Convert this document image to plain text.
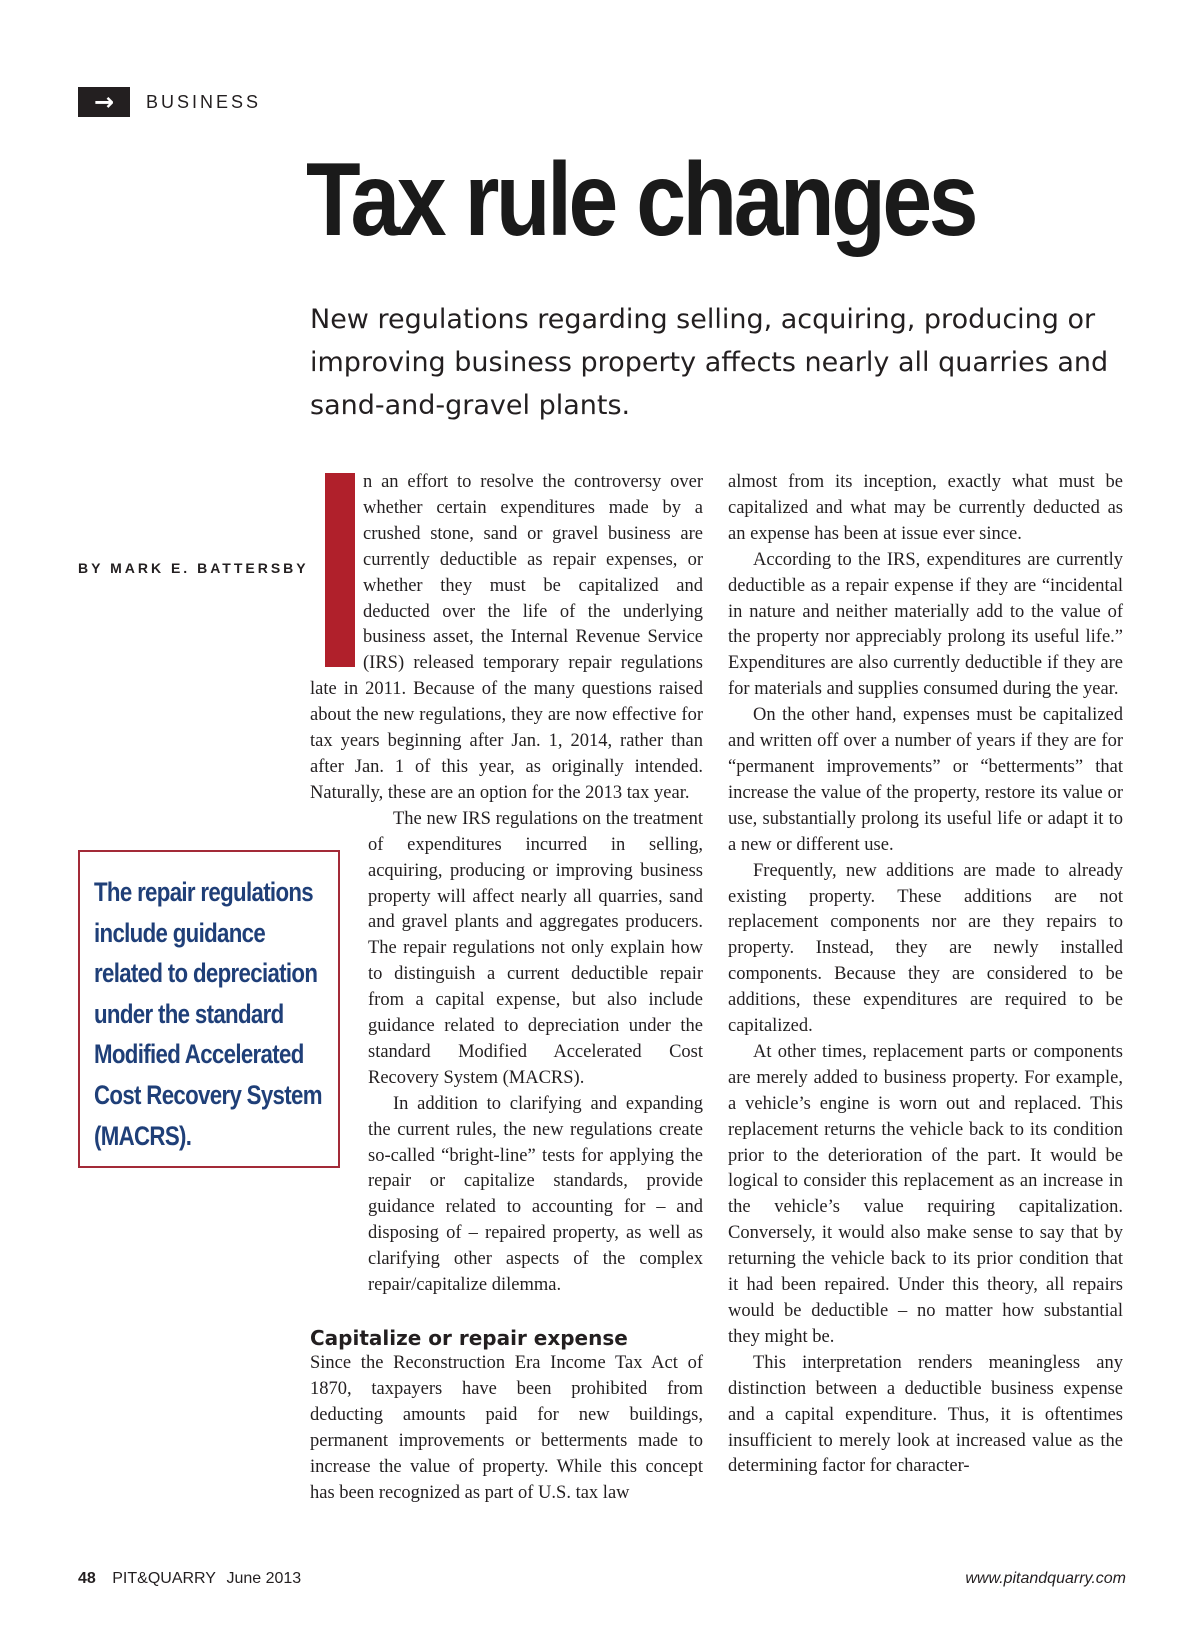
→	BUSINESS
Tax rule changes

New regulations regarding selling, acquiring, producing or improving business property affects nearly all quarries and sand-and-gravel plants.

BY MARK E. BATTERSBY

n an effort to resolve the controversy over whether certain expenditures made by a crushed stone, sand or gravel business are currently deductible as repair expenses, or whether they must be capitalized and deducted over the life of the underlying business asset, the Internal Revenue Service (IRS) released temporary repair regulations late in 2011. Because of the many questions raised about the new regulations, they are now effective for tax years beginning after Jan. 1, 2014, rather than after Jan. 1 of this year, as originally intended. Naturally, these are an option for the 2013 tax year.

The new IRS regulations on the treatment of expenditures incurred in selling, acquiring, producing or improving business property will affect nearly all quarries, sand and gravel plants and aggregates producers. The repair regulations not only explain how to distinguish a current deductible repair from a capital expense, but also include guidance related to depreciation under the standard Modified Accelerated Cost Recovery System (MACRS).

In addition to clarifying and expanding the current rules, the new regulations create so-called “bright-line” tests for applying the repair or capitalize standards, provide guidance related to accounting for – and disposing of – repaired property, as well as clarifying other aspects of the complex repair/capitalize dilemma.

Capitalize or repair expense

Since the Reconstruction Era Income Tax Act of 1870, taxpayers have been prohibited from deducting amounts paid for new buildings, permanent improvements or betterments made to increase the value of property. While this concept has been recognized as part of U.S. tax law

almost from its inception, exactly what must be capitalized and what may be currently deducted as an expense has been at issue ever since.

According to the IRS, expenditures are currently deductible as a repair expense if they are “incidental in nature and neither materially add to the value of the property nor appreciably prolong its useful life.” Expenditures are also currently deductible if they are for materials and supplies consumed during the year.

On the other hand, expenses must be capitalized and written off over a number of years if they are for “permanent improvements” or “betterments” that increase the value of the property, restore its value or use, substantially prolong its useful life or adapt it to a new or different use.

Frequently, new additions are made to already existing property. These additions are not replacement components nor are they repairs to property. Instead, they are newly installed components. Because they are considered to be additions, these expenditures are required to be capitalized.

At other times, replacement parts or components are merely added to business property. For example, a vehicle’s engine is worn out and replaced. This replacement returns the vehicle back to its condition prior to the deterioration of the part. It would be logical to consider this replacement as an increase in the vehicle’s value requiring capitalization. Conversely, it would also make sense to say that by returning the vehicle back to its prior condition that it had been repaired. Under this theory, all repairs would be deductible – no matter how substantial they might be.

This interpretation renders meaningless any distinction between a deductible business expense and a capital expenditure. Thus, it is oftentimes insufficient to merely look at increased value as the determining factor for character-

The repair regulations include guidance related to depreciation under the standard Modified Accelerated Cost Recovery System (MACRS).

48 PIT&QUARRY June 2013	www.pitandquarry.com
